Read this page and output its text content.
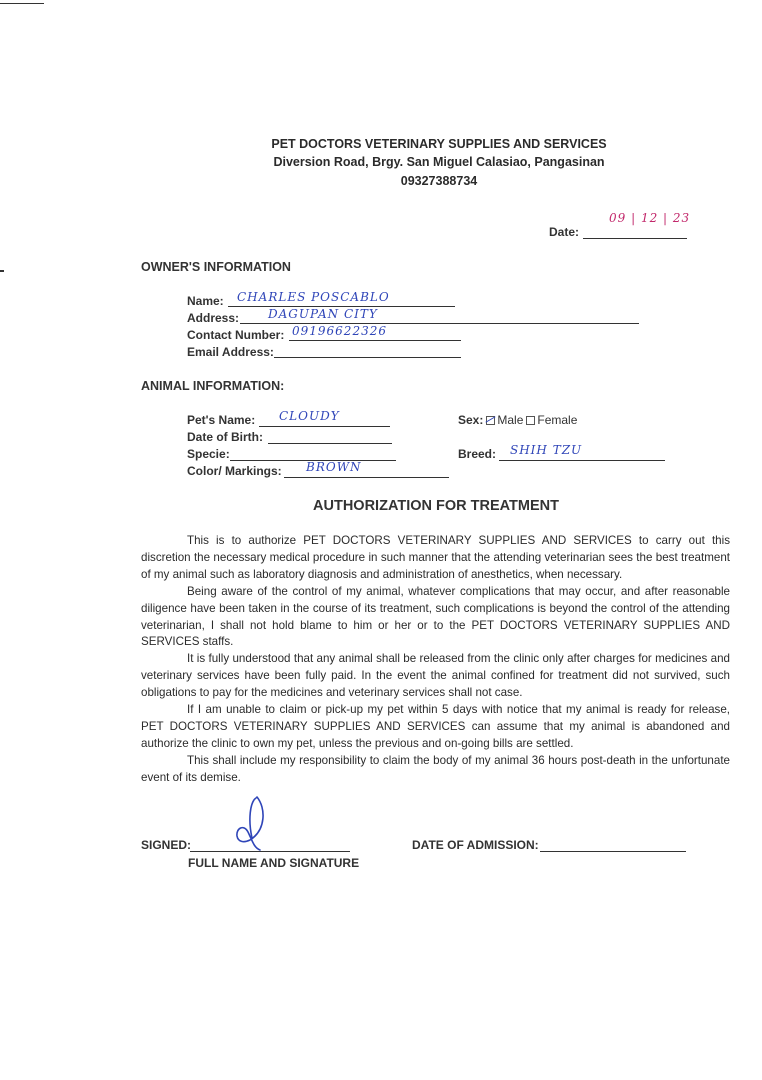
PET DOCTORS VETERINARY SUPPLIES AND SERVICES
Diversion Road, Brgy. San Miguel Calasiao, Pangasinan
09327388734
Date:
09 | 12 | 23
OWNER'S INFORMATION
Name: CHARLES POSCABLO
Address: DAGUPAN CITY
Contact Number: 09196622326
Email Address:
ANIMAL INFORMATION:
Pet's Name: CLOUDY
Date of Birth:
Specie:
Color/ Markings: BROWN
Sex: Male Female
Breed: SHIH TZU
AUTHORIZATION FOR TREATMENT

This is to authorize PET DOCTORS VETERINARY SUPPLIES AND SERVICES to carry out this discretion the necessary medical procedure in such manner that the attending veterinarian sees the best treatment of my animal such as laboratory diagnosis and administration of anesthetics, when necessary.

Being aware of the control of my animal, whatever complications that may occur, and after reasonable diligence have been taken in the course of its treatment, such complications is beyond the control of the attending veterinarian, I shall not hold blame to him or her or to the PET DOCTORS VETERINARY SUPPLIES AND SERVICES staffs.

It is fully understood that any animal shall be released from the clinic only after charges for medicines and veterinary services have been fully paid. In the event the animal confined for treatment did not survived, such obligations to pay for the medicines and veterinary services shall not case.

If I am unable to claim or pick-up my pet within 5 days with notice that my animal is ready for release, PET DOCTORS VETERINARY SUPPLIES AND SERVICES can assume that my animal is abandoned and authorize the clinic to own my pet, unless the previous and on-going bills are settled.

This shall include my responsibility to claim the body of my animal 36 hours post-death in the unfortunate event of its demise.

SIGNED:
FULL NAME AND SIGNATURE
DATE OF ADMISSION:
